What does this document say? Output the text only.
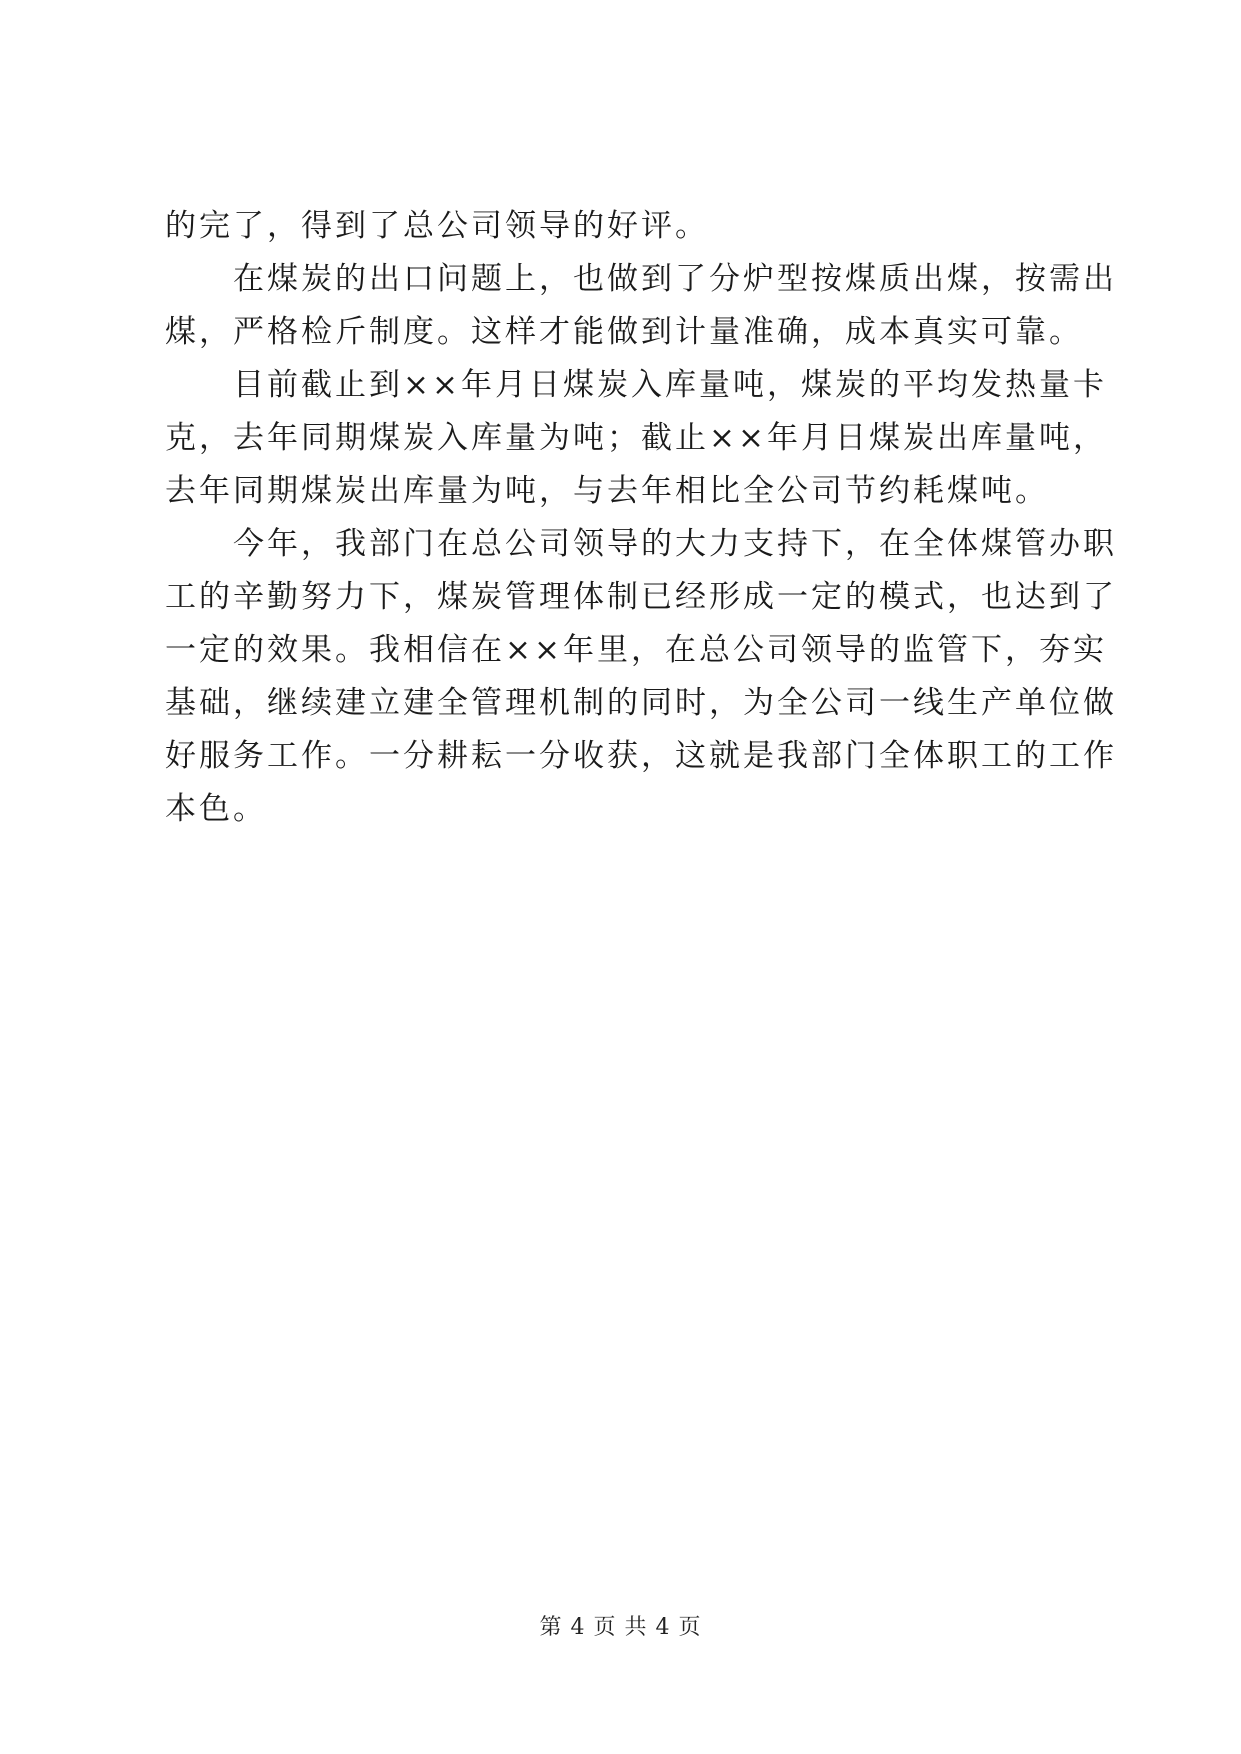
的完了，得到了总公司领导的好评。

在煤炭的出口问题上，也做到了分炉型按煤质出煤，按需出
煤，严格检斤制度。这样才能做到计量准确，成本真实可靠。

目前截止到××年月日煤炭入库量吨，煤炭的平均发热量卡
克，去年同期煤炭入库量为吨；截止××年月日煤炭出库量吨，
去年同期煤炭出库量为吨，与去年相比全公司节约耗煤吨。

今年，我部门在总公司领导的大力支持下，在全体煤管办职
工的辛勤努力下，煤炭管理体制已经形成一定的模式，也达到了
一定的效果。我相信在××年里，在总公司领导的监管下，夯实
基础，继续建立建全管理机制的同时，为全公司一线生产单位做
好服务工作。一分耕耘一分收获，这就是我部门全体职工的工作
本色。

第 4 页 共 4 页
